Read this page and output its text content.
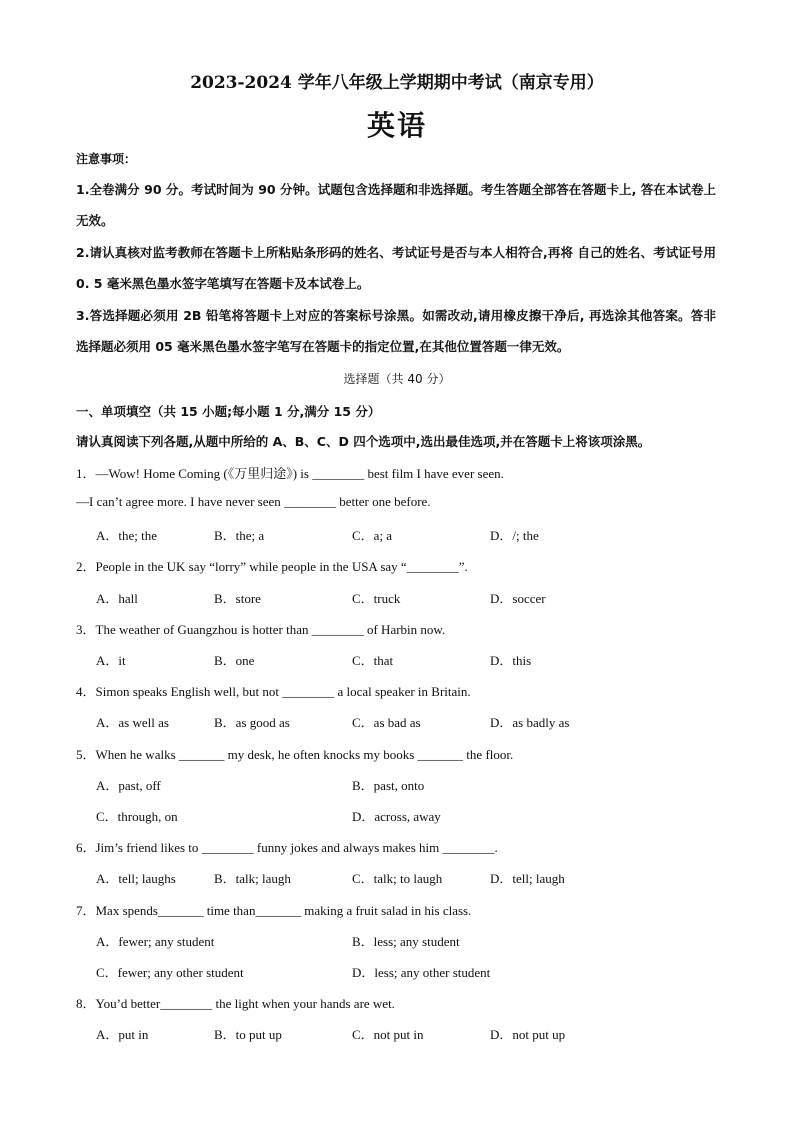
2023-2024 学年八年级上学期期中考试（南京专用）
英语
注意事项：
1.全卷满分 90 分。考试时间为 90 分钟。试题包含选择题和非选择题。考生答题全部答在答题卡上, 答在本试卷上无效。
2.请认真核对监考教师在答题卡上所粘贴条形码的姓名、考试证号是否与本人相符合,再将 自己的姓名、考试证号用 0. 5 毫米黑色墨水签字笔填写在答题卡及本试卷上。
3.答选择题必须用 2B 铅笔将答题卡上对应的答案标号涂黑。如需改动,请用橡皮擦干净后, 再选涂其他答案。答非选择题必须用 05 毫米黑色墨水签字笔写在答题卡的指定位置,在其他位置答题一律无效。
选择题（共 40 分）
一、单项填空（共 15 小题;每小题 1 分,满分 15 分）
请认真阅读下列各题,从题中所给的 A、B、C、D 四个选项中,选出最佳选项,并在答题卡上将该项涂黑。
1．—Wow! Home Coming (《万里归途》) is ________ best film I have ever seen.
—I can’t agree more. I have never seen ________ better one before.
A．the; the	B．the; a	C．a; a	D．/; the
2．People in the UK say “lorry” while people in the USA say “________”.
A．hall	B．store	C．truck	D．soccer
3．The weather of Guangzhou is hotter than ________ of Harbin now.
A．it	B．one	C．that	D．this
4．Simon speaks English well, but not ________ a local speaker in Britain.
A．as well as	B．as good as	C．as bad as	D．as badly as
5．When he walks _______ my desk, he often knocks my books _______ the floor.
A．past, off	B．past, onto
C．through, on	D．across, away
6．Jim’s friend likes to ________ funny jokes and always makes him ________.
A．tell; laughs	B．talk; laugh	C．talk; to laugh	D．tell; laugh
7．Max spends_______ time than_______ making a fruit salad in his class.
A．fewer; any student	B．less; any student
C．fewer; any other student	D．less; any other student
8．You’d better________ the light when your hands are wet.
A．put in	B．to put up	C．not put in	D．not put up
